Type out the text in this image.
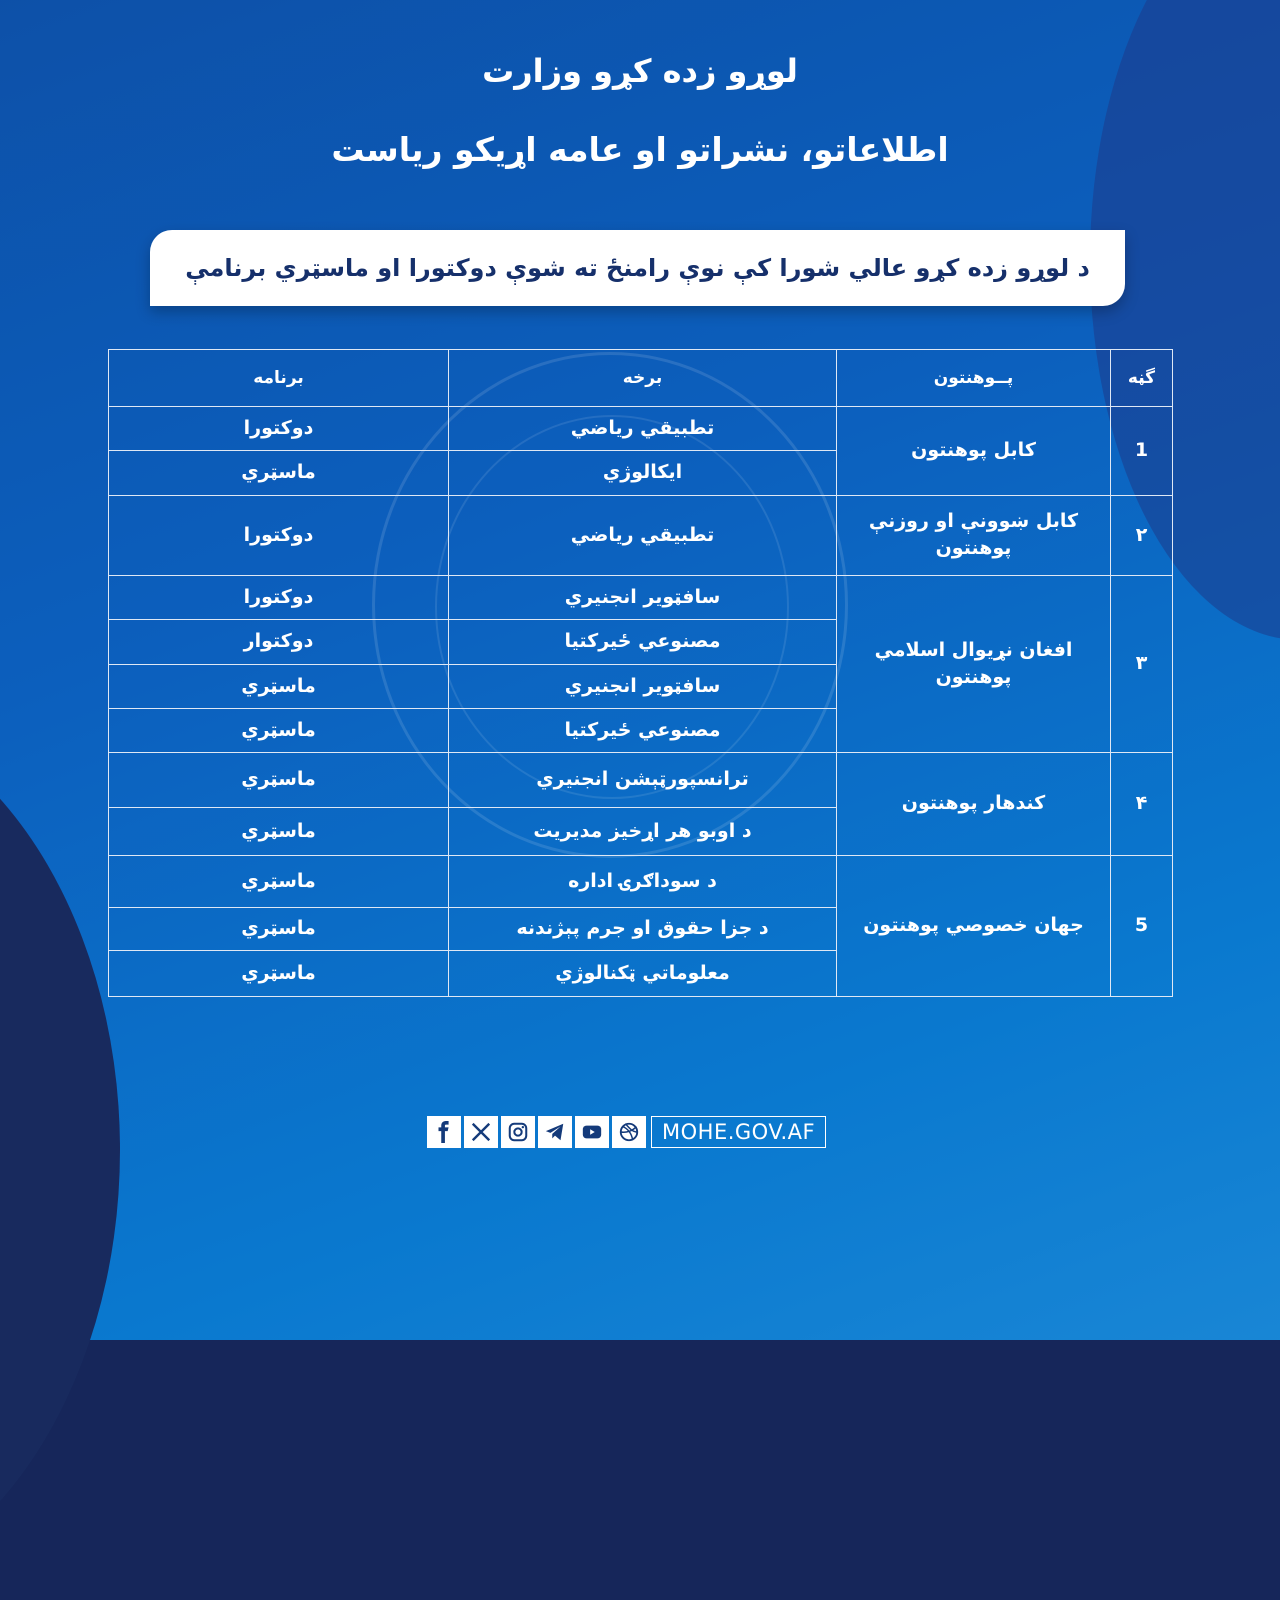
لوړو زده کړو وزارت
اطلاعاتو، نشراتو او عامه اړیکو ریاست
د لوړو زده کړو عالي شورا کې نوې رامنځ ته شوې دوکتورا او ماسټري برنامې
گڼه	پــوهنتون	برخه	برنامه
1	کابل پوهنتون	تطبیقي ریاضي	دوکتورا
		ایکالوژي	ماسټري
۲	کابل ښوونې او روزنې پوهنتون	تطبیقي ریاضي	دوکتورا
۳	افغان نړیوال اسلامي پوهنتون	سافټویر انجنیري	دوکتورا
		مصنوعي ځیرکتیا	دوکتوار
		سافټویر انجنیري	ماسټري
		مصنوعي ځیرکتیا	ماسټري
۴	کندهار پوهنتون	ترانسپورټېشن انجنیري	ماسټري
		د اوبو هر اړخیز مدیریت	ماسټري
5	جهان خصوصي پوهنتون	د سوداګرۍ اداره	ماسټري
		د جزا حقوق او جرم پېژندنه	ماسټري
		معلوماتي ټکنالوژي	ماسټري
MOHE.GOV.AF
